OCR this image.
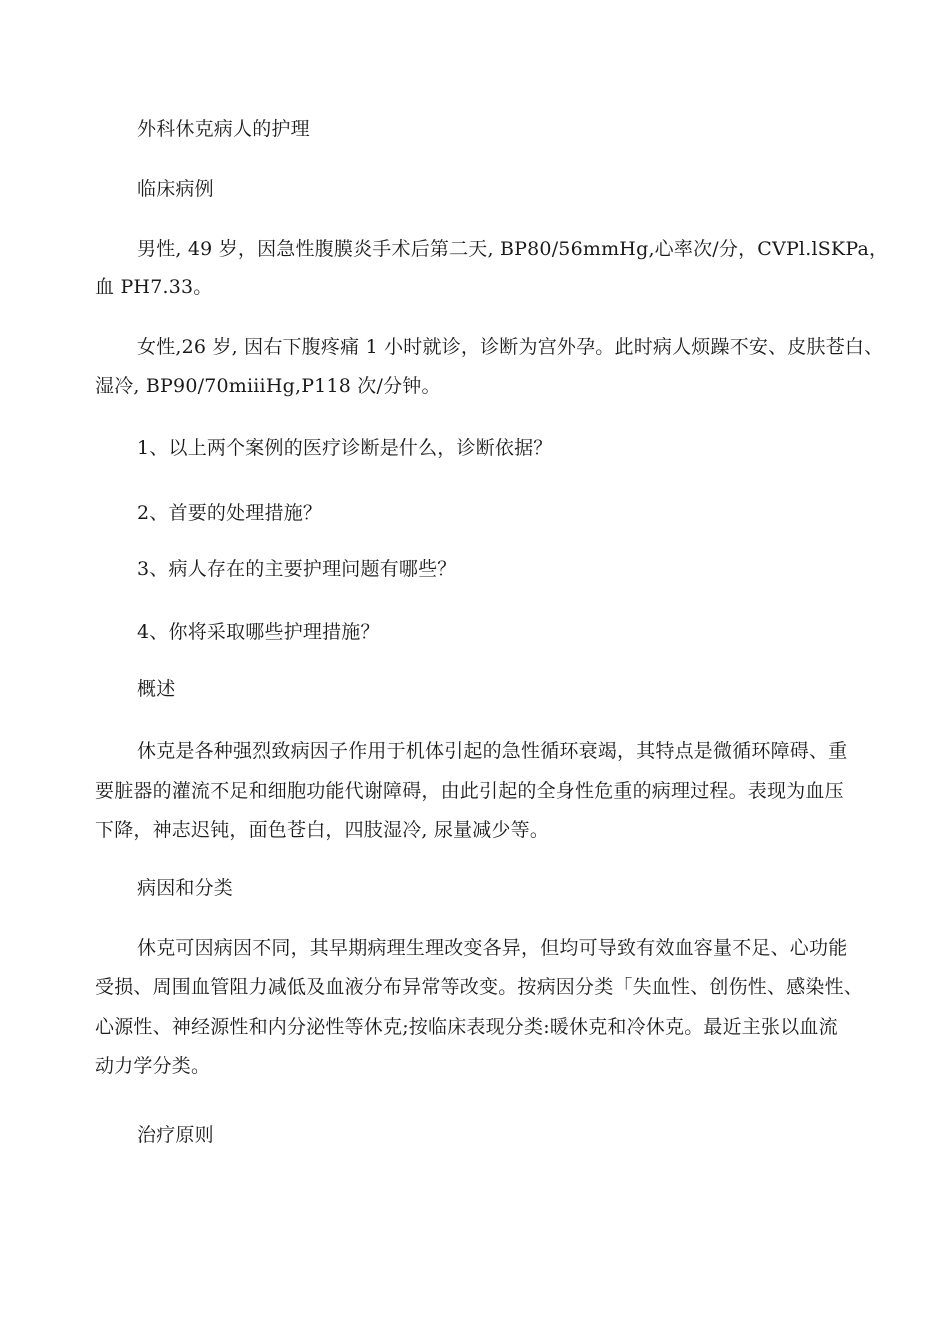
外科休克病人的护理
临床病例
男性, 49 岁，因急性腹膜炎手术后第二天, BP80/56mmHg,心率次/分，CVPl.lSKPa，
血 PH7.33。
女性,26 岁, 因右下腹疼痛 1 小时就诊，诊断为宫外孕。此时病人烦躁不安、皮肤苍白、
湿冷, BP90/70miiiHg,P118 次/分钟。
1、以上两个案例的医疗诊断是什么，诊断依据？
2、首要的处理措施？
3、病人存在的主要护理问题有哪些？
4、你将采取哪些护理措施？
概述
休克是各种强烈致病因子作用于机体引起的急性循环衰竭，其特点是微循环障碍、重
要脏器的灌流不足和细胞功能代谢障碍，由此引起的全身性危重的病理过程。表现为血压
下降，神志迟钝，面色苍白，四肢湿冷, 尿量减少等。
病因和分类
休克可因病因不同，其早期病理生理改变各异，但均可导致有效血容量不足、心功能
受损、周围血管阻力减低及血液分布异常等改变。按病因分类「失血性、创伤性、感染性、
心源性、神经源性和内分泌性等休克;按临床表现分类:暖休克和冷休克。最近主张以血流
动力学分类。
治疗原则
